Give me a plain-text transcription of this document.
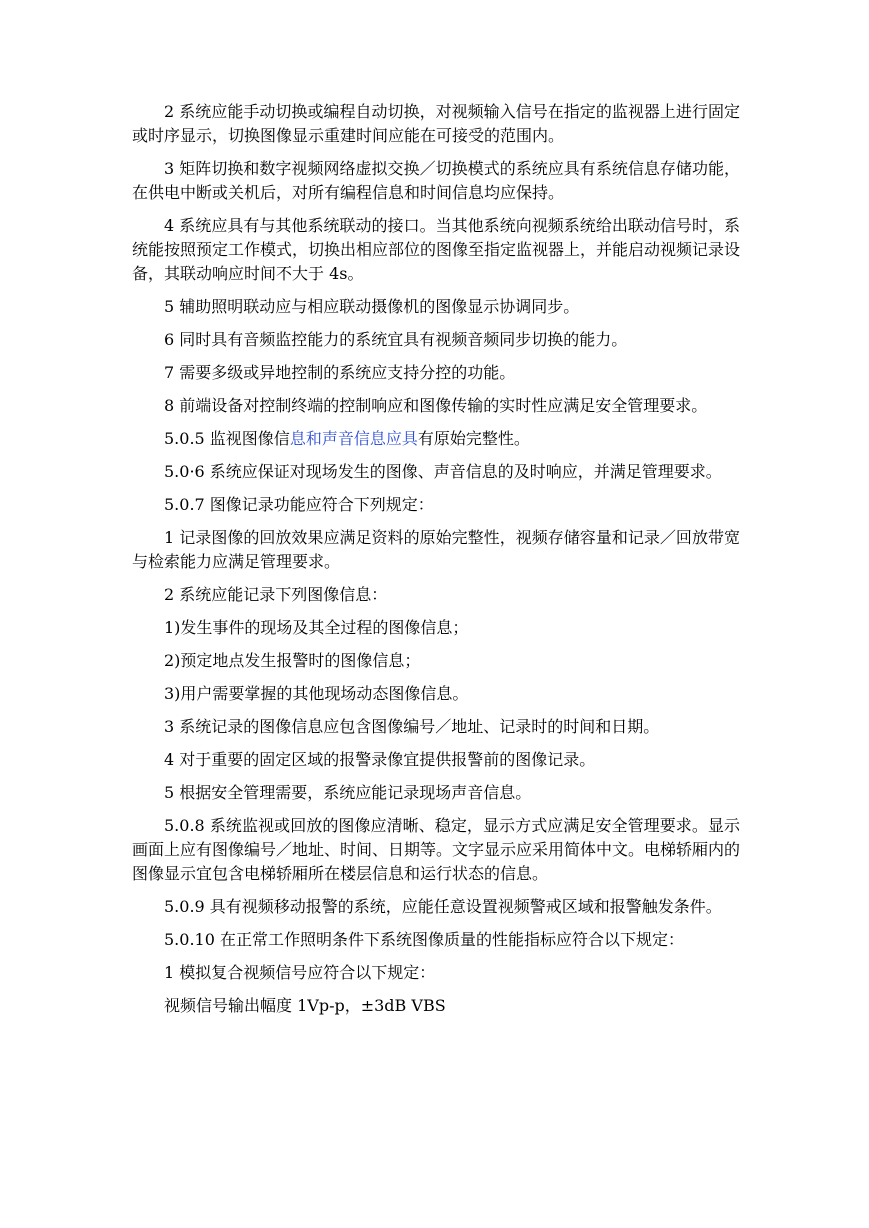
2 系统应能手动切换或编程自动切换，对视频输入信号在指定的监视器上进行固定或时序显示，切换图像显示重建时间应能在可接受的范围内。

3 矩阵切换和数字视频网络虚拟交换／切换模式的系统应具有系统信息存储功能，在供电中断或关机后，对所有编程信息和时间信息均应保持。

4 系统应具有与其他系统联动的接口。当其他系统向视频系统给出联动信号时，系统能按照预定工作模式，切换出相应部位的图像至指定监视器上，并能启动视频记录设备，其联动响应时间不大于 4s。

5 辅助照明联动应与相应联动摄像机的图像显示协调同步。

6 同时具有音频监控能力的系统宜具有视频音频同步切换的能力。

7 需要多级或异地控制的系统应支持分控的功能。

8 前端设备对控制终端的控制响应和图像传输的实时性应满足安全管理要求。

5.0.5 监视图像信息和声音信息应具有原始完整性。

5.0·6 系统应保证对现场发生的图像、声音信息的及时响应，并满足管理要求。

5.0.7 图像记录功能应符合下列规定：

1 记录图像的回放效果应满足资料的原始完整性，视频存储容量和记录／回放带宽与检索能力应满足管理要求。

2 系统应能记录下列图像信息：

1)发生事件的现场及其全过程的图像信息；

2)预定地点发生报警时的图像信息；

3)用户需要掌握的其他现场动态图像信息。

3 系统记录的图像信息应包含图像编号／地址、记录时的时间和日期。

4 对于重要的固定区域的报警录像宜提供报警前的图像记录。

5 根据安全管理需要，系统应能记录现场声音信息。

5.0.8 系统监视或回放的图像应清晰、稳定，显示方式应满足安全管理要求。显示画面上应有图像编号／地址、时间、日期等。文字显示应采用简体中文。电梯轿厢内的图像显示宜包含电梯轿厢所在楼层信息和运行状态的信息。

5.0.9 具有视频移动报警的系统，应能任意设置视频警戒区域和报警触发条件。

5.0.10 在正常工作照明条件下系统图像质量的性能指标应符合以下规定：

1 模拟复合视频信号应符合以下规定：

视频信号输出幅度 1Vp-p，±3dB VBS
